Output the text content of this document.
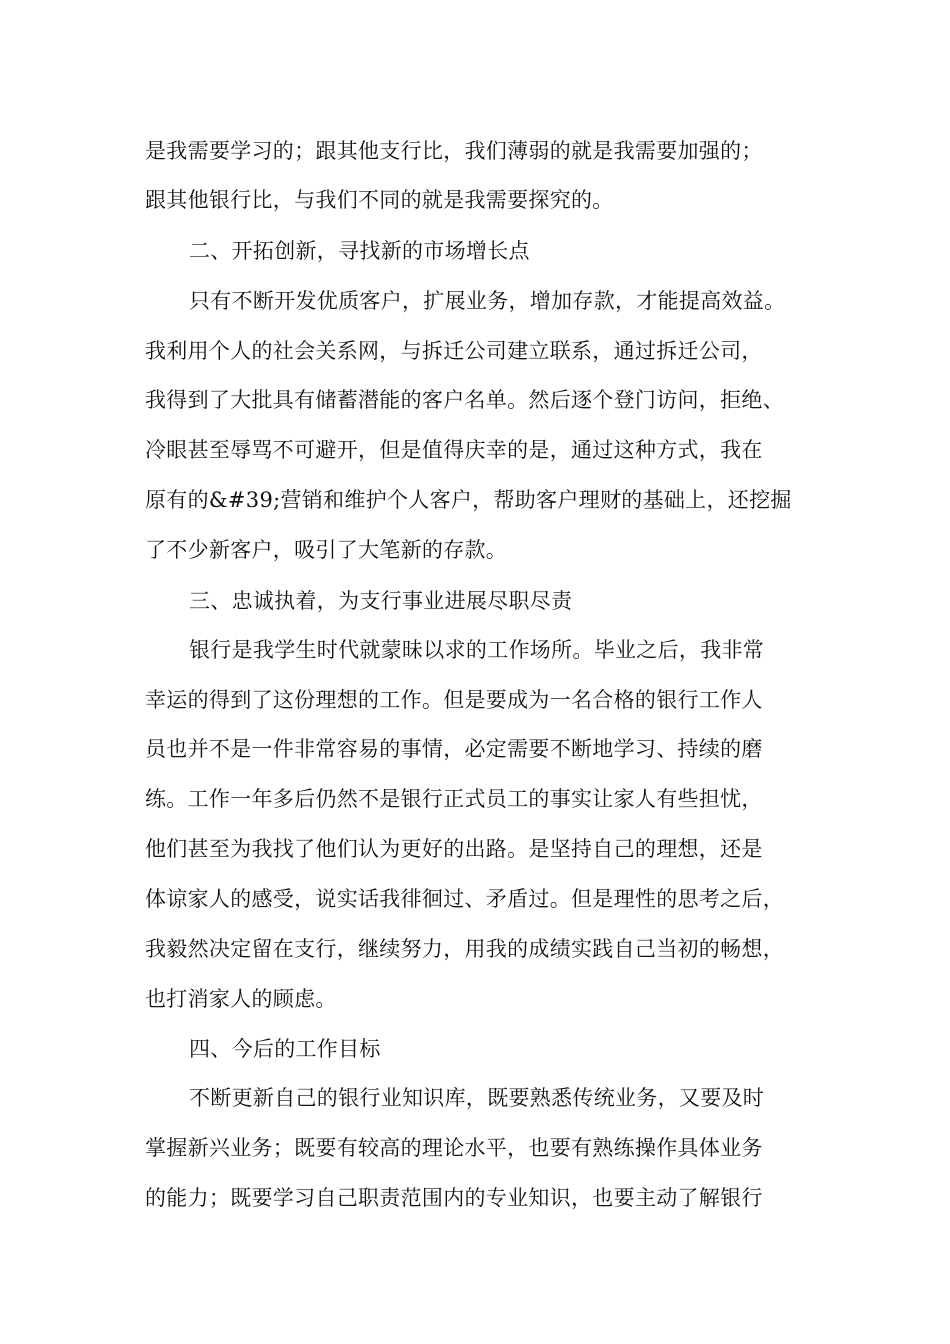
是我需要学习的；跟其他支行比，我们薄弱的就是我需要加强的；
跟其他银行比，与我们不同的就是我需要探究的。
二、开拓创新，寻找新的市场增长点
只有不断开发优质客户，扩展业务，增加存款，才能提高效益。
我利用个人的社会关系网，与拆迁公司建立联系，通过拆迁公司，
我得到了大批具有储蓄潜能的客户名单。然后逐个登门访问，拒绝、
冷眼甚至辱骂不可避开，但是值得庆幸的是，通过这种方式，我在
原有的&#39;营销和维护个人客户，帮助客户理财的基础上，还挖掘
了不少新客户，吸引了大笔新的存款。
三、忠诚执着，为支行事业进展尽职尽责
银行是我学生时代就蒙昧以求的工作场所。毕业之后，我非常
幸运的得到了这份理想的工作。但是要成为一名合格的银行工作人
员也并不是一件非常容易的事情，必定需要不断地学习、持续的磨
练。工作一年多后仍然不是银行正式员工的事实让家人有些担忧，
他们甚至为我找了他们认为更好的出路。是坚持自己的理想，还是
体谅家人的感受，说实话我徘徊过、矛盾过。但是理性的思考之后，
我毅然决定留在支行，继续努力，用我的成绩实践自己当初的畅想，
也打消家人的顾虑。
四、今后的工作目标
不断更新自己的银行业知识库，既要熟悉传统业务，又要及时
掌握新兴业务；既要有较高的理论水平，也要有熟练操作具体业务
的能力；既要学习自己职责范围内的专业知识，也要主动了解银行
